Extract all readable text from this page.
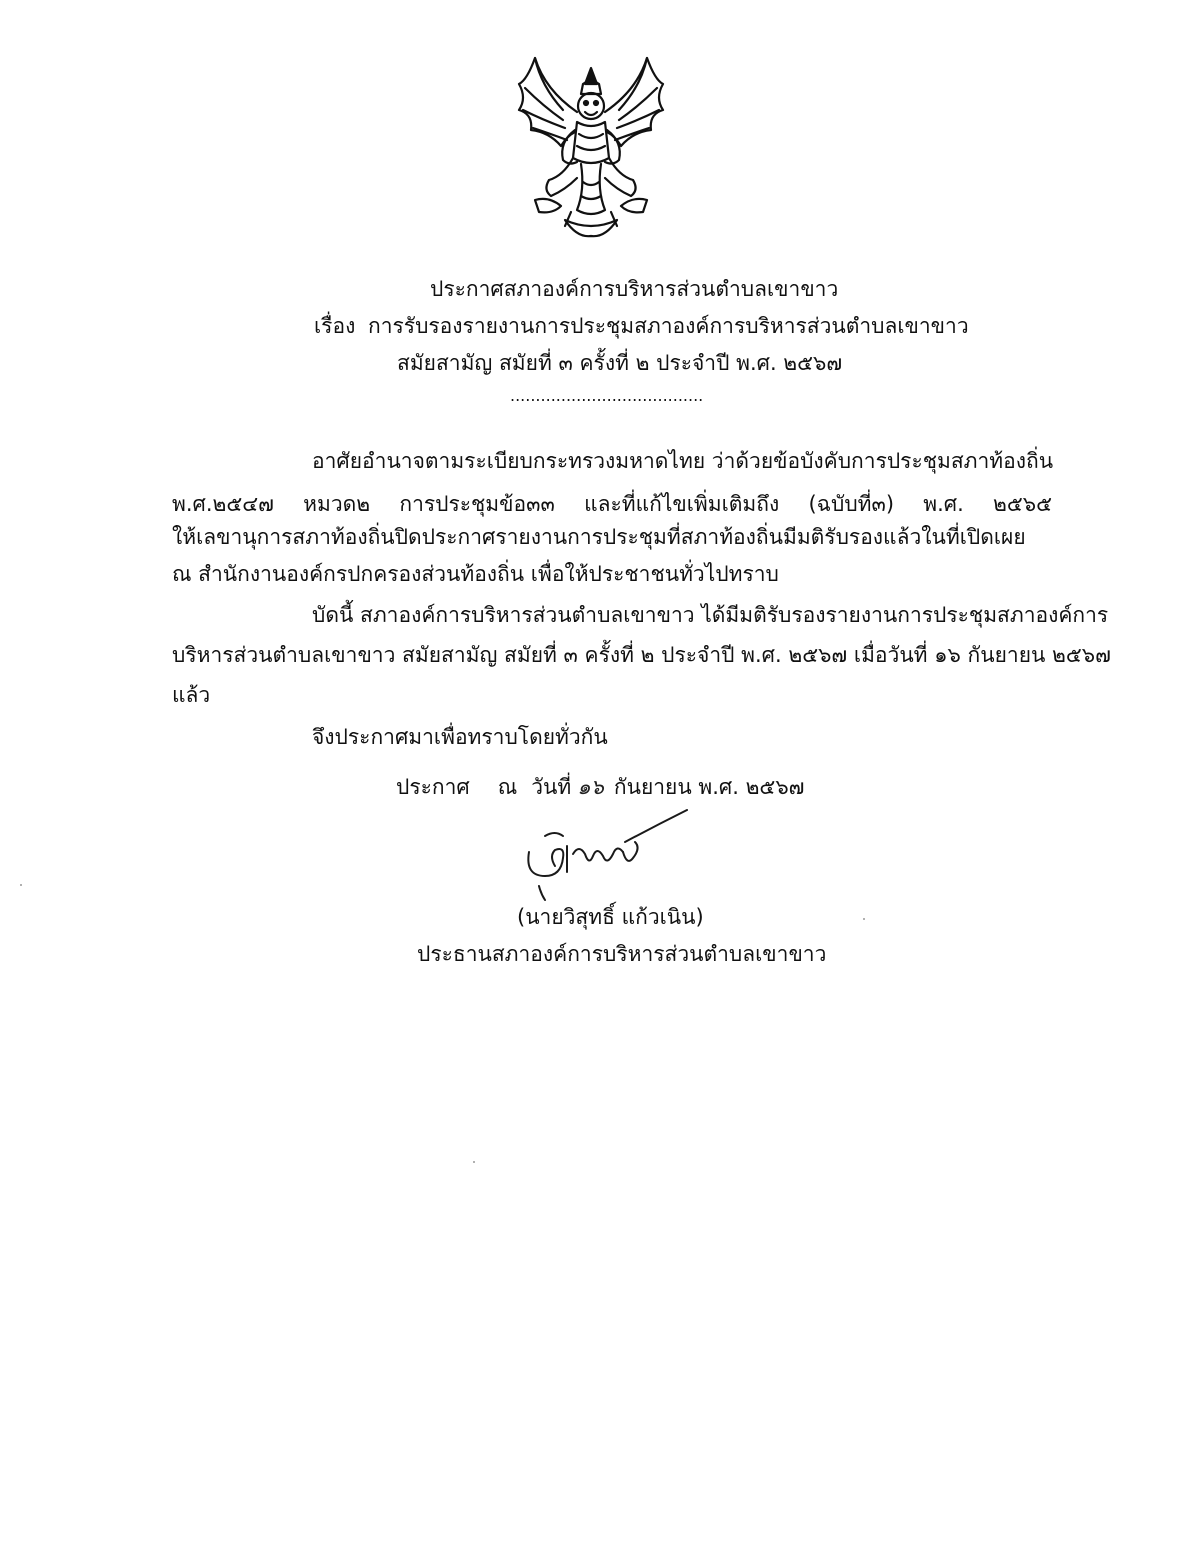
ประกาศสภาองค์การบริหารส่วนตำบลเขาขาว
เรื่อง การรับรองรายงานการประชุมสภาองค์การบริหารส่วนตำบลเขาขาว
สมัยสามัญ สมัยที่ ๓ ครั้งที่ ๒ ประจำปี พ.ศ. ๒๕๖๗
......................................
อาศัยอำนาจตามระเบียบกระทรวงมหาดไทย ว่าด้วยข้อบังคับการประชุมสภาท้องถิ่น
พ.ศ.๒๕๔๗ หมวด๒ การประชุมข้อ๓๓ และที่แก้ไขเพิ่มเติมถึง (ฉบับที่๓) พ.ศ. ๒๕๖๕
ให้เลขานุการสภาท้องถิ่นปิดประกาศรายงานการประชุมที่สภาท้องถิ่นมีมติรับรองแล้วในที่เปิดเผย
ณ สำนักงานองค์กรปกครองส่วนท้องถิ่น เพื่อให้ประชาชนทั่วไปทราบ
บัดนี้ สภาองค์การบริหารส่วนตำบลเขาขาว ได้มีมติรับรองรายงานการประชุมสภาองค์การ
บริหารส่วนตำบลเขาขาว สมัยสามัญ สมัยที่ ๓ ครั้งที่ ๒ ประจำปี พ.ศ. ๒๕๖๗ เมื่อวันที่ ๑๖ กันยายน ๒๕๖๗
แล้ว
จึงประกาศมาเพื่อทราบโดยทั่วกัน
ประกาศ ณ วันที่ ๑๖ กันยายน พ.ศ. ๒๕๖๗
(นายวิสุทธิ์ แก้วเนิน)
ประธานสภาองค์การบริหารส่วนตำบลเขาขาว
